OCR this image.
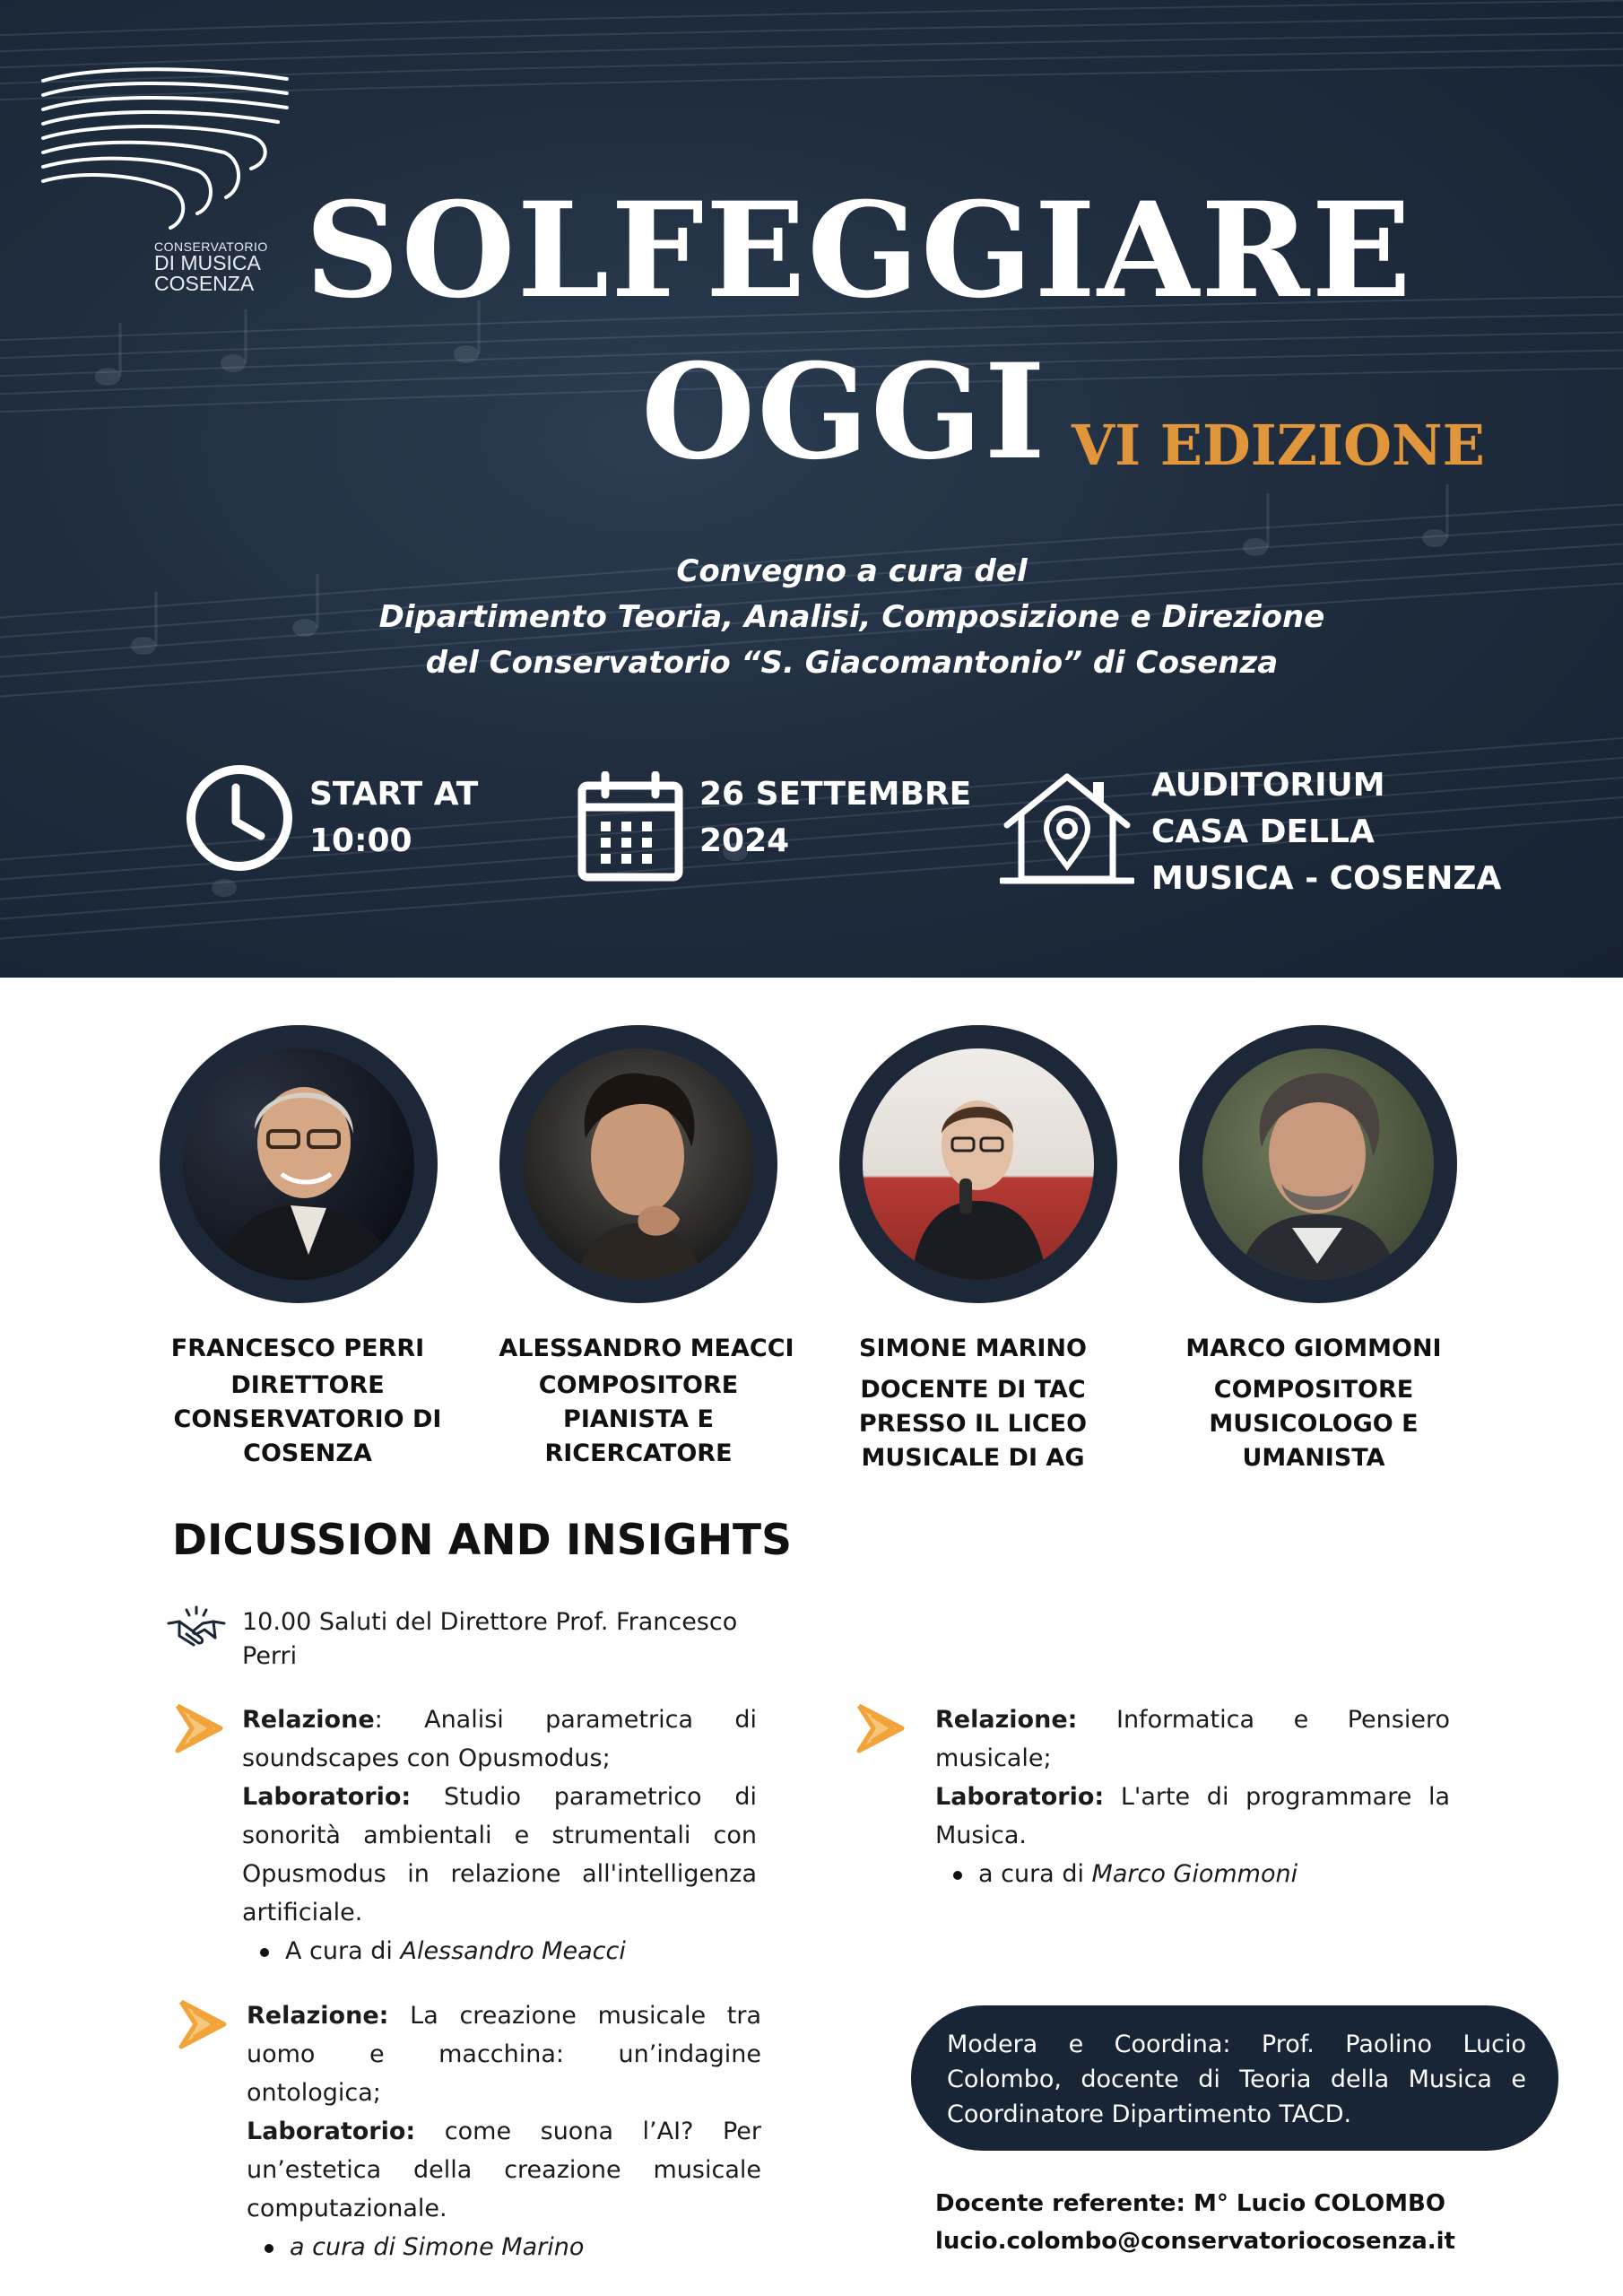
CONSERVATORIO
DI MUSICA
COSENZA SOLFEGGIARE
OGGI VI EDIZIONE
Convegno a cura del
Dipartimento Teoria, Analisi, Composizione e Direzione
del Conservatorio “S. Giacomantonio” di Cosenza
START AT
10:00
26 SETTEMBRE
2024
AUDITORIUM
CASA DELLA
MUSICA - COSENZA
FRANCESCO PERRI
DIRETTORE
CONSERVATORIO DI
COSENZA
ALESSANDRO MEACCI
COMPOSITORE
PIANISTA E
RICERCATORE
SIMONE MARINO
DOCENTE DI TAC
PRESSO IL LICEO
MUSICALE DI AG
MARCO GIOMMONI
COMPOSITORE
MUSICOLOGO E
UMANISTA
DICUSSION AND INSIGHTS
10.00 Saluti del Direttore Prof. Francesco Perri
Relazione: Analisi parametrica di soundscapes con Opusmodus;
Laboratorio: Studio parametrico di sonorità ambientali e strumentali con Opusmodus in relazione all'intelligenza artificiale.
A cura di Alessandro Meacci
Relazione: Informatica e Pensiero musicale;
Laboratorio: L'arte di programmare la Musica.
a cura di Marco Giommoni
Relazione: La creazione musicale tra uomo e macchina: un’indagine ontologica;
Laboratorio: come suona l’AI? Per un’estetica della creazione musicale computazionale.
a cura di Simone Marino
Modera e Coordina: Prof. Paolino Lucio Colombo, docente di Teoria della Musica e Coordinatore Dipartimento TACD.
Docente referente: M° Lucio COLOMBO
lucio.colombo@conservatoriocosenza.it
